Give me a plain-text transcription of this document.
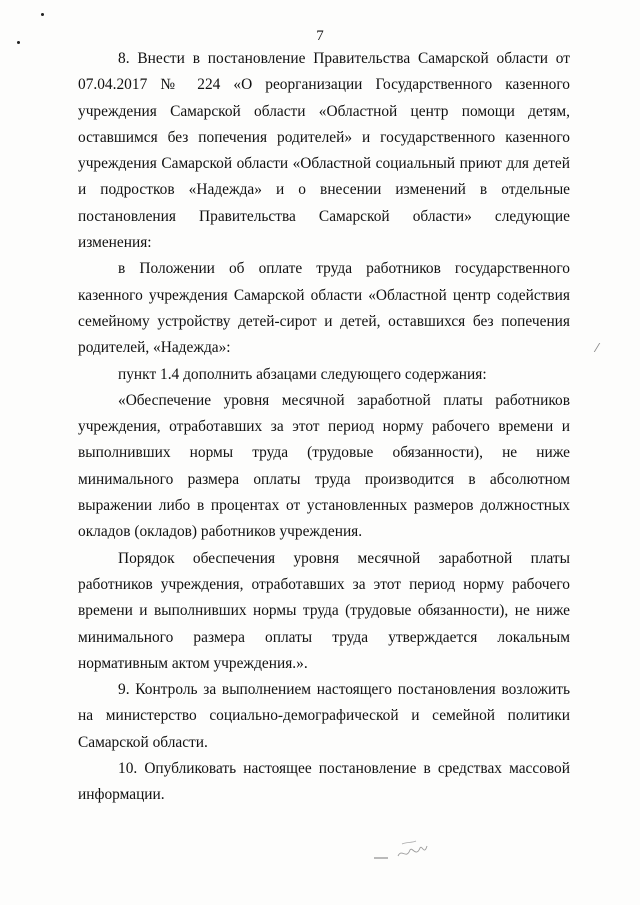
⁄
7

8. Внести в постановление Правительства Самарской области от 07.04.2017 № 224 «О реорганизации Государственного казенного учреждения Самарской области «Областной центр помощи детям, оставшимся без попечения родителей» и государственного казенного учреждения Самарской области «Областной социальный приют для детей и подростков «Надежда» и о внесении изменений в отдельные постановления Правительства Самарской области» следующие изменения:

в Положении об оплате труда работников государственного казенного учреждения Самарской области «Областной центр содействия семейному устройству детей-сирот и детей, оставшихся без попечения родителей, «Надежда»:

пункт 1.4 дополнить абзацами следующего содержания:

«Обеспечение уровня месячной заработной платы работников учреждения, отработавших за этот период норму рабочего времени и выполнивших нормы труда (трудовые обязанности), не ниже минимального размера оплаты труда производится в абсолютном выражении либо в процентах от установленных размеров должностных окладов (окладов) работников учреждения.

Порядок обеспечения уровня месячной заработной платы работников учреждения, отработавших за этот период норму рабочего времени и выполнивших нормы труда (трудовые обязанности), не ниже минимального размера оплаты труда утверждается локальным нормативным актом учреждения.».

9. Контроль за выполнением настоящего постановления возложить на министерство социально-демографической и семейной политики Самарской области.

10. Опубликовать настоящее постановление в средствах массовой информации.
